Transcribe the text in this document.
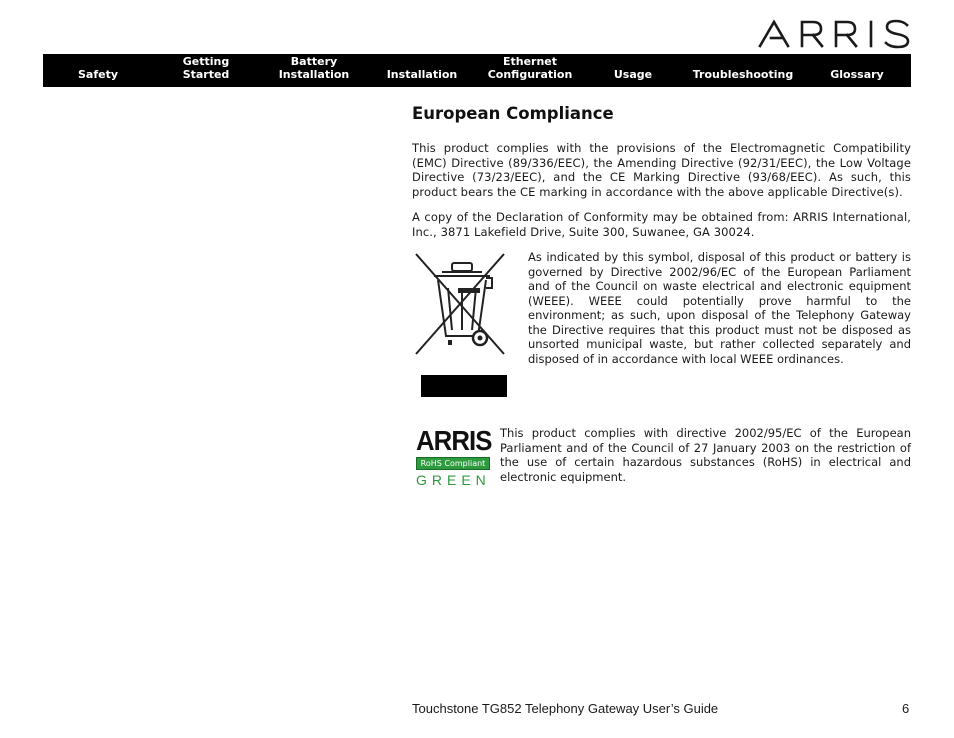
Safety
Getting
Started
Battery
Installation	Installation
Ethernet
Configuration	Usage	Troubleshooting	Glossary
European Compliance

This product complies with the provisions of the Electromagnetic Compatibility (EMC) Directive (89/336/EEC), the Amending Directive (92/31/EEC), the Low Voltage Directive (73/23/EEC), and the CE Marking Directive (93/68/EEC). As such, this product bears the CE marking in accordance with the above applicable Directive(s).

A copy of the Declaration of Conformity may be obtained from: ARRIS International, Inc., 3871 Lakefield Drive, Suite 300, Suwanee, GA 30024.

As indicated by this symbol, disposal of this product or battery is governed by Directive 2002/96/EC of the European Parliament and of the Council on waste electrical and electronic equipment (WEEE). WEEE could potentially prove harmful to the environment; as such, upon disposal of the Telephony Gateway the Directive requires that this product must not be disposed as unsorted municipal waste, but rather collected separately and disposed of in accordance with local WEEE ordinances.
ARRIS
RoHS Compliant
GREEN
This product complies with directive 2002/95/EC of the European Parliament and of the Council of 27 January 2003 on the restriction of the use of certain hazardous substances (RoHS) in electrical and electronic equipment.
Touchstone TG852 Telephony Gateway User’s Guide	6
